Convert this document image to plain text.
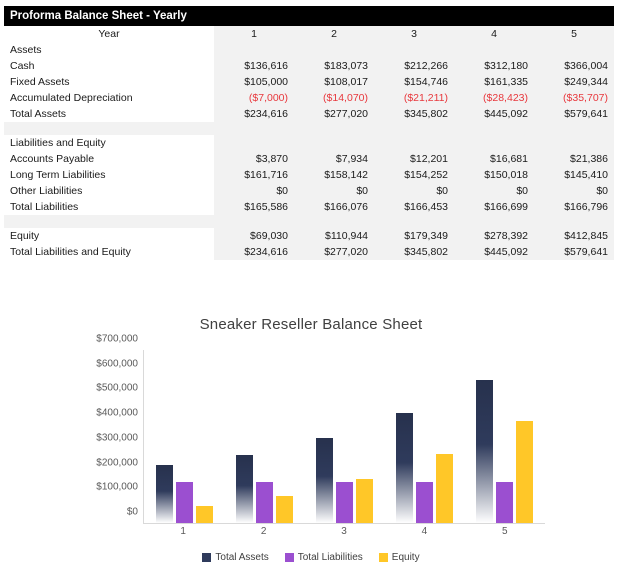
Proforma Balance Sheet - Yearly
Year	1	2	3	4	5
Assets					
Cash	$136,616	$183,073	$212,266	$312,180	$366,004
Fixed Assets	$105,000	$108,017	$154,746	$161,335	$249,344
Accumulated Depreciation	($7,000)	($14,070)	($21,211)	($28,423)	($35,707)
Total Assets	$234,616	$277,020	$345,802	$445,092	$579,641

Liabilities and Equity					
Accounts Payable	$3,870	$7,934	$12,201	$16,681	$21,386
Long Term Liabilities	$161,716	$158,142	$154,252	$150,018	$145,410
Other Liabilities	$0	$0	$0	$0	$0
Total Liabilities	$165,586	$166,076	$166,453	$166,699	$166,796

Equity	$69,030	$110,944	$179,349	$278,392	$412,845
Total Liabilities and Equity	$234,616	$277,020	$345,802	$445,092	$579,641
Sneaker Reseller Balance Sheet
$0
$100,000
$200,000
$300,000
$400,000
$500,000
$600,000
$700,000
1	2	3	4	5
Total Assets	Total Liabilities	Equity
